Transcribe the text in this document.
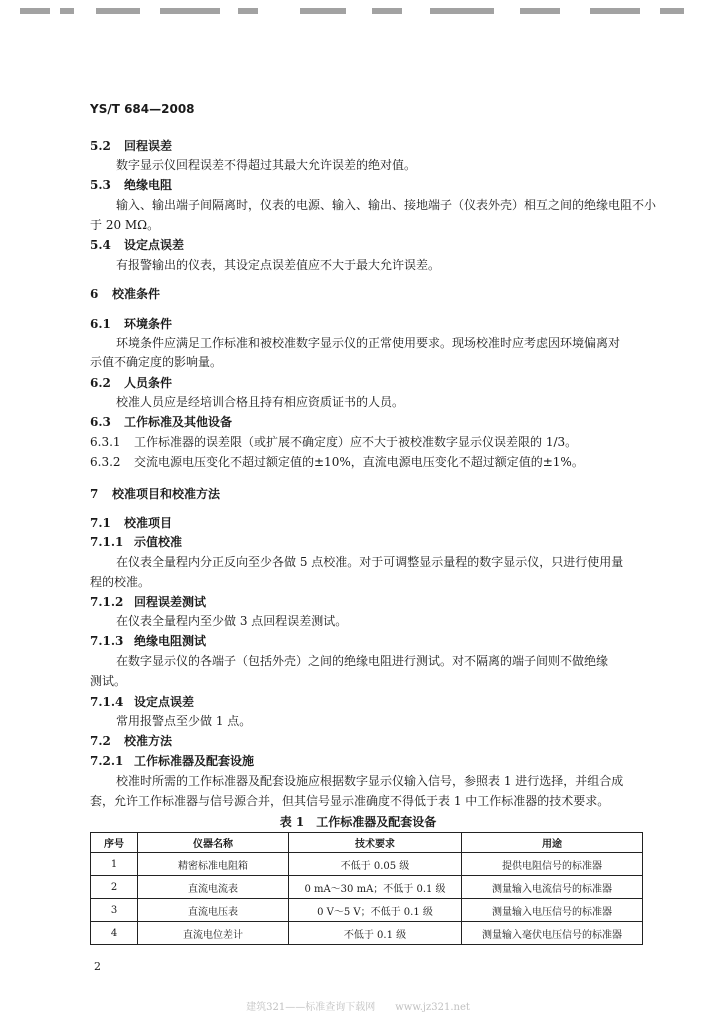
YS/T 684—2008
5.2 回程误差
数字显示仪回程误差不得超过其最大允许误差的绝对值。
5.3 绝缘电阻
输入、输出端子间隔离时，仪表的电源、输入、输出、接地端子（仪表外壳）相互之间的绝缘电阻不小
于 20 MΩ。
5.4 设定点误差
有报警输出的仪表，其设定点误差值应不大于最大允许误差。
6 校准条件
6.1 环境条件
环境条件应满足工作标准和被校准数字显示仪的正常使用要求。现场校准时应考虑因环境偏离对
示值不确定度的影响量。
6.2 人员条件
校准人员应是经培训合格且持有相应资质证书的人员。
6.3 工作标准及其他设备
6.3.1 工作标准器的误差限（或扩展不确定度）应不大于被校准数字显示仪误差限的 1/3。
6.3.2 交流电源电压变化不超过额定值的±10%，直流电源电压变化不超过额定值的±1%。
7 校准项目和校准方法
7.1 校准项目
7.1.1 示值校准
在仪表全量程内分正反向至少各做 5 点校准。对于可调整显示量程的数字显示仪，只进行使用量
程的校准。
7.1.2 回程误差测试
在仪表全量程内至少做 3 点回程误差测试。
7.1.3 绝缘电阻测试
在数字显示仪的各端子（包括外壳）之间的绝缘电阻进行测试。对不隔离的端子间则不做绝缘
测试。
7.1.4 设定点误差
常用报警点至少做 1 点。
7.2 校准方法
7.2.1 工作标准器及配套设施
校准时所需的工作标准器及配套设施应根据数字显示仪输入信号，参照表 1 进行选择，并组合成
套，允许工作标准器与信号源合并，但其信号显示准确度不得低于表 1 中工作标准器的技术要求。
表 1　工作标准器及配套设备
序号	仪器名称	技术要求	用途
1	精密标准电阻箱	不低于 0.05 级	提供电阻信号的标准器
2	直流电流表	0 mA～30 mA；不低于 0.1 级	测量输入电流信号的标准器
3	直流电压表	0 V～5 V；不低于 0.1 级	测量输入电压信号的标准器
4	直流电位差计	不低于 0.1 级	测量输入毫伏电压信号的标准器
2
建筑321——标准查询下载网　　www.jz321.net
